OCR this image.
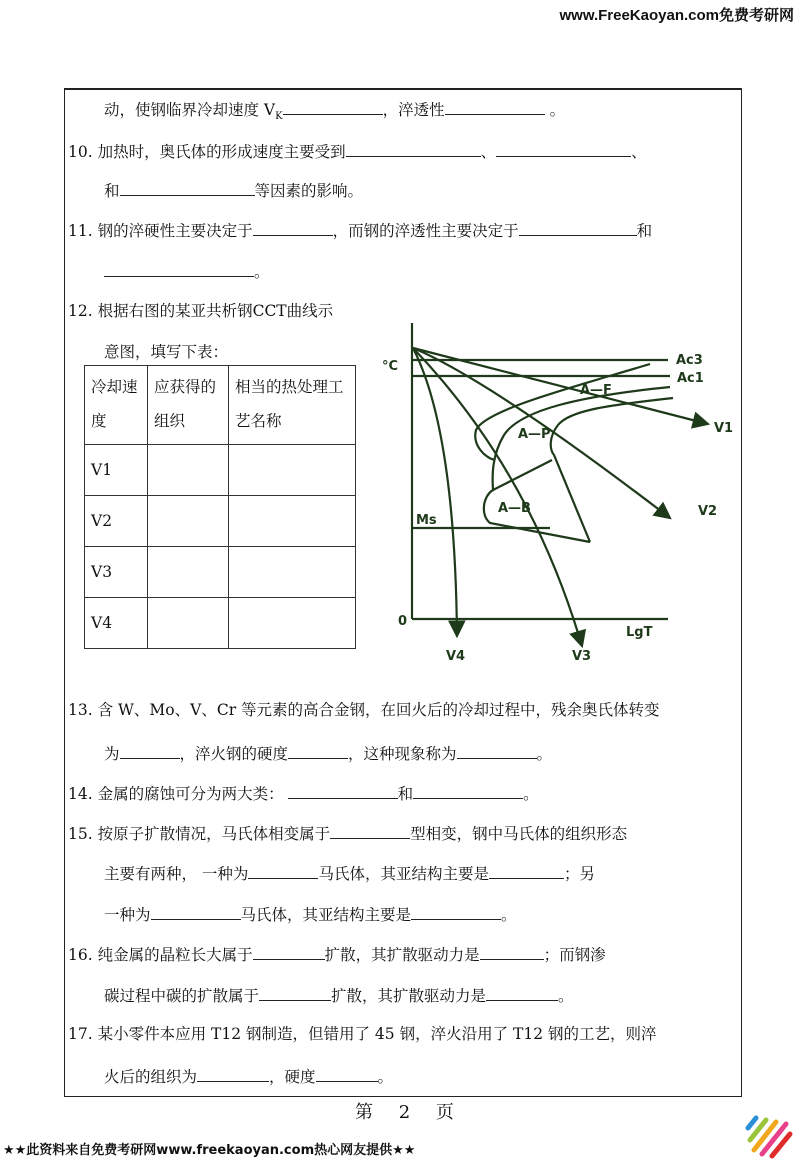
www.FreeKaoyan.com免费考研网
动，使钢临界冷却速度 $V_K$	，淬透性	。
10. 加热时，奥氏体的形成速度主要受到	、	、
和	等因素的影响。
11. 钢的淬硬性主要决定于	，而钢的淬透性主要决定于	和
。
12. 根据右图的某亚共析钢CCT曲线示
意图，填写下表：
冷却速度	应获得的组织	相当的热处理工艺名称
V1		
V2		
V3		
V4		
°C	Ac3
Ac1
A—F
A—P
A—B
Ms
0
LgT
V1
V2
V3
V4
13. 含 W、Mo、V、Cr 等元素的高合金钢，在回火后的冷却过程中，残余奥氏体转变
为	，淬火钢的硬度	，这种现象称为	。
14. 金属的腐蚀可分为两大类：	和	。
15. 按原子扩散情况，马氏体相变属于	型相变，钢中马氏体的组织形态
主要有两种， 一种为	马氏体，其亚结构主要是	；另
一种为	马氏体，其亚结构主要是	。
16. 纯金属的晶粒长大属于	扩散，其扩散驱动力是	；而钢渗
碳过程中碳的扩散属于	扩散，其扩散驱动力是	。
17. 某小零件本应用 T12 钢制造，但错用了 45 钢，淬火沿用了 T12 钢的工艺，则淬
火后的组织为	，硬度	。
第 2 页
★★此资料来自免费考研网www.freekaoyan.com热心网友提供★★
